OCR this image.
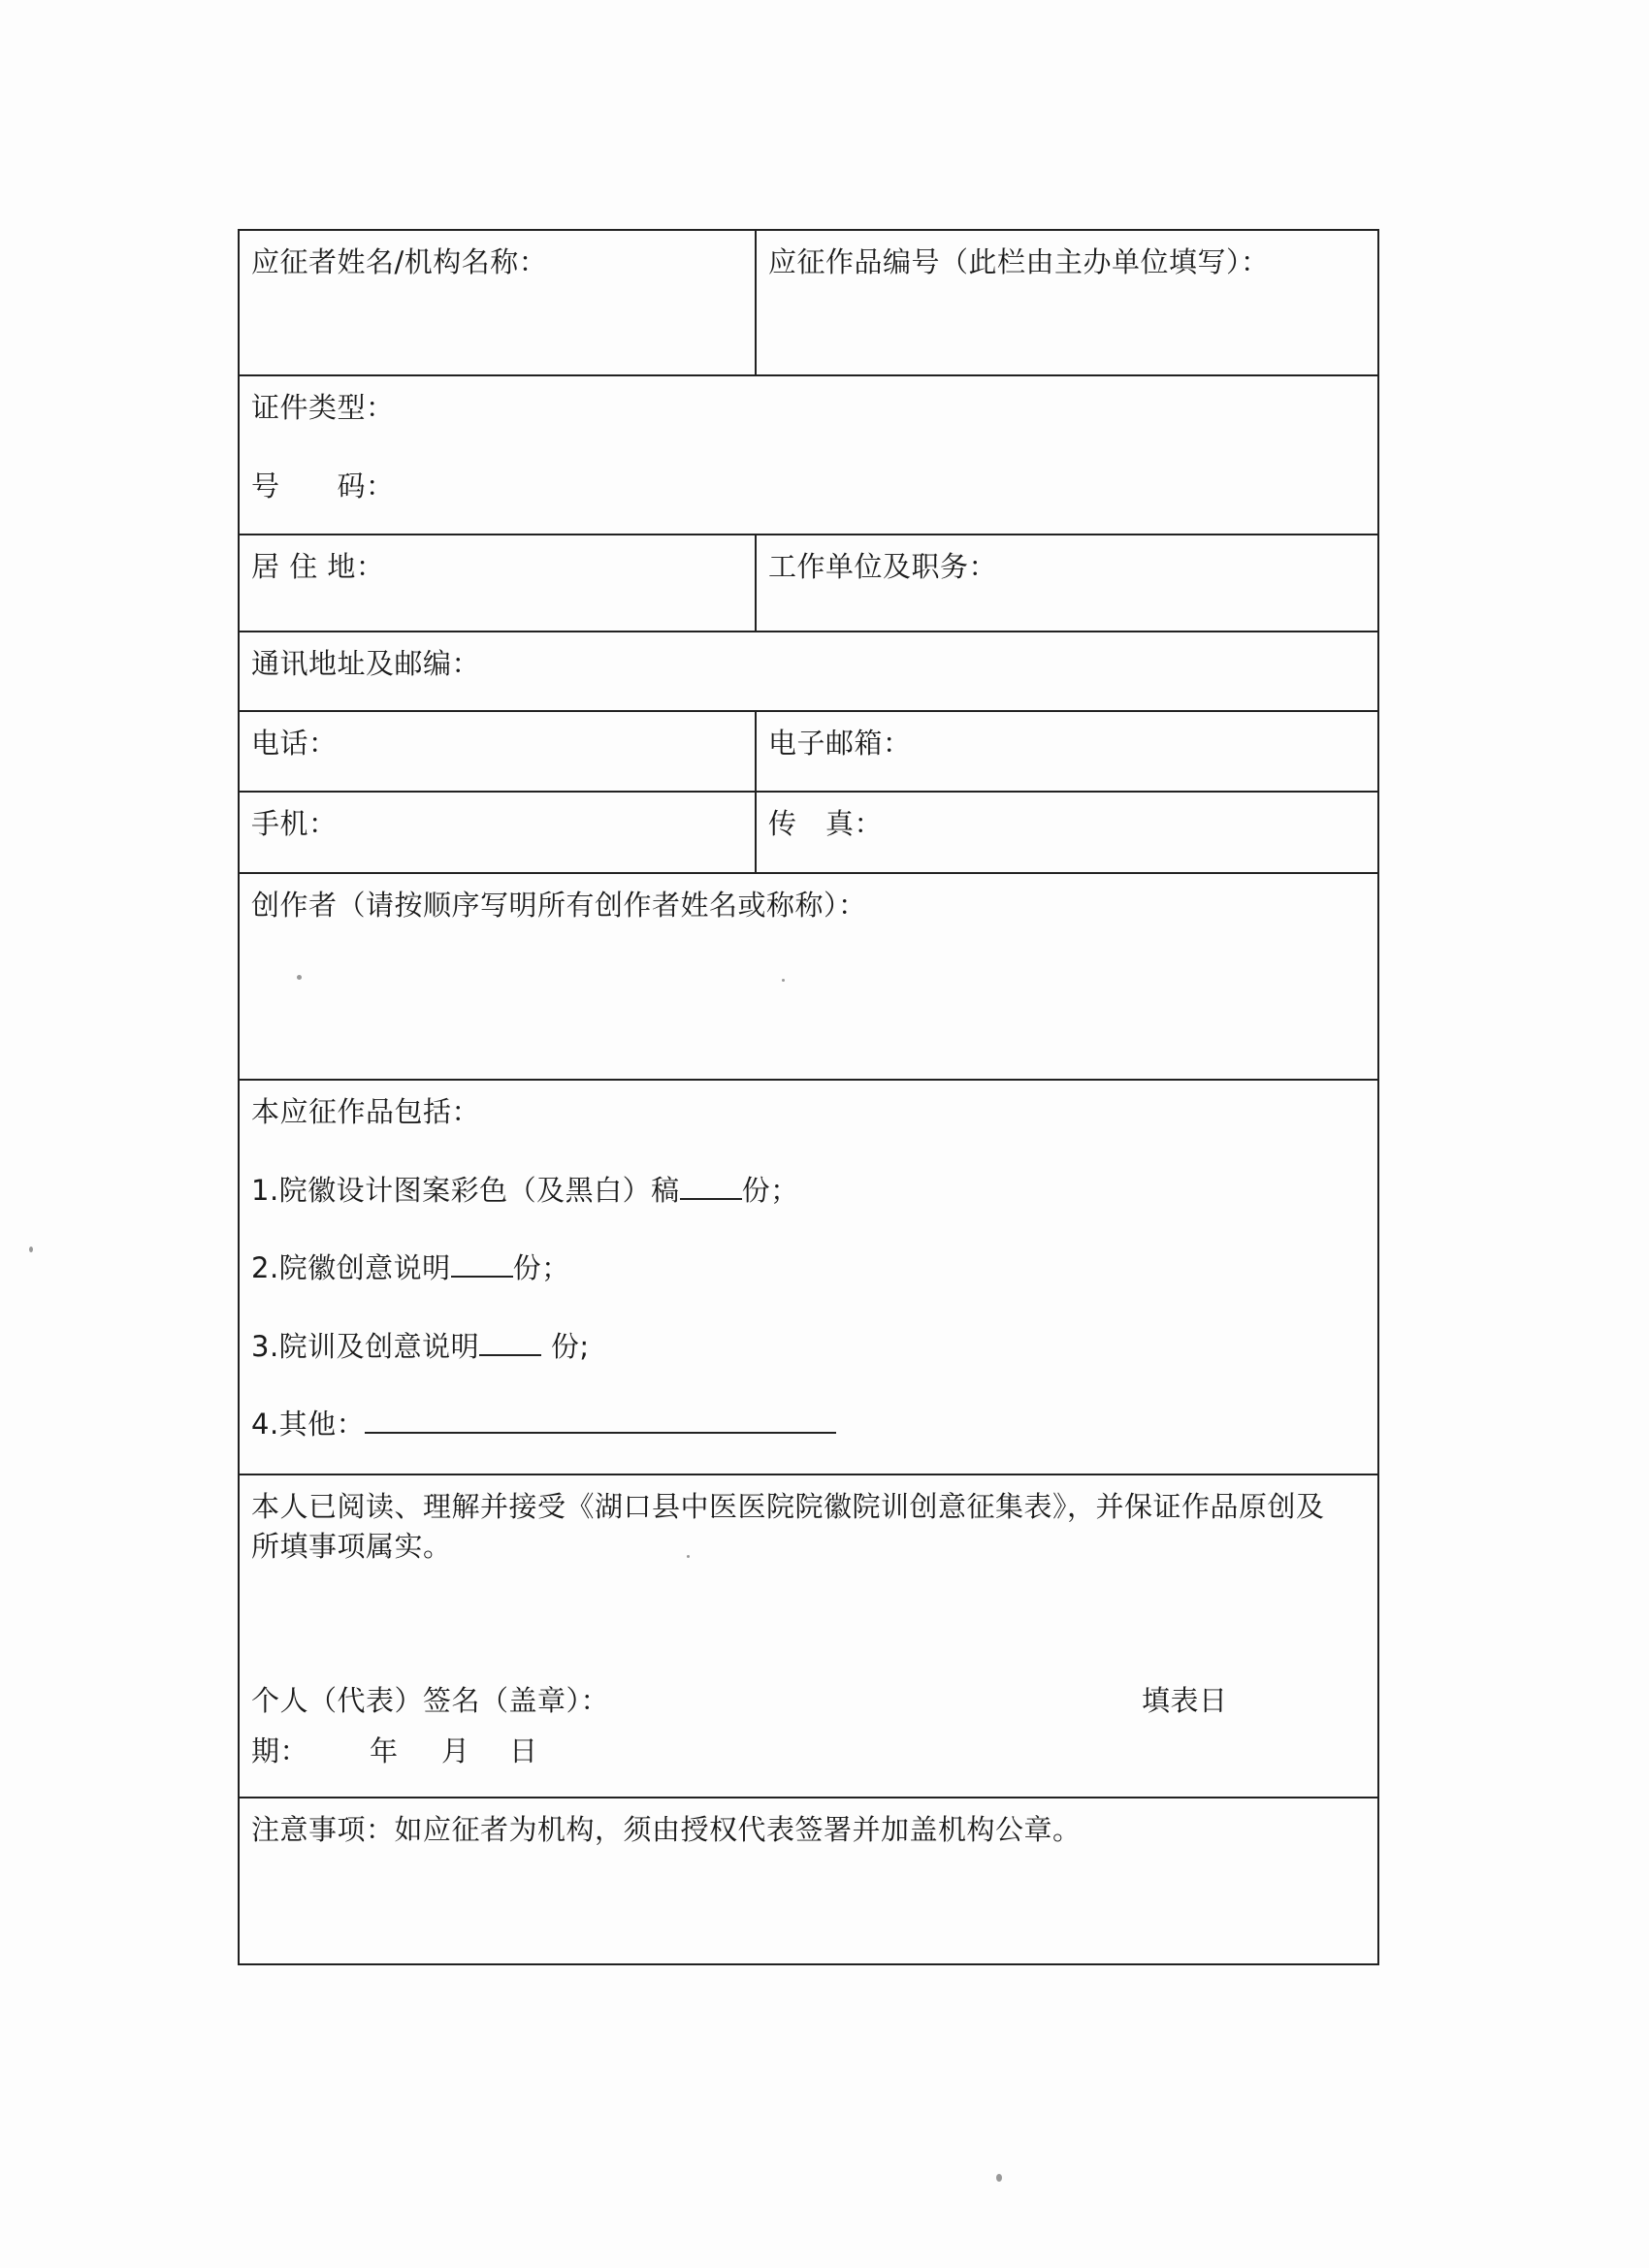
应征者姓名/机构名称：	应征作品编号（此栏由主办单位填写）：
证件类型：
号　　码：
居 住 地：	工作单位及职务：
通讯地址及邮编：
电话：	电子邮箱：
手机：	传　真：
创作者（请按顺序写明所有创作者姓名或称称）：
本应征作品包括：
1.院徽设计图案彩色（及黑白）稿 份；
2.院徽创意说明 份；
3.院训及创意说明 份;
4.其他：
本人已阅读、理解并接受《湖口县中医医院院徽院训创意征集表》，并保证作品原创及
所填事项属实。
个人（代表）签名（盖章）：	填表日
期： 年 月 日
注意事项：如应征者为机构，须由授权代表签署并加盖机构公章。
